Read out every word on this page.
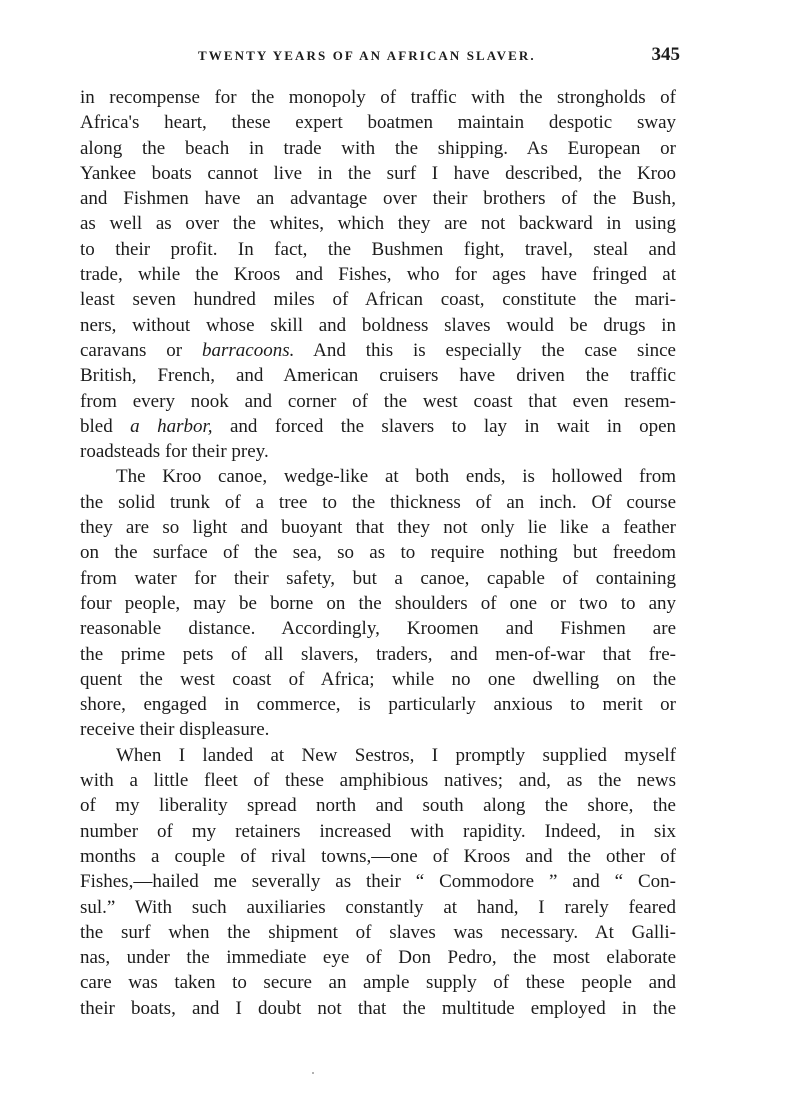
TWENTY YEARS OF AN AFRICAN SLAVER.	345
in recompense for the monopoly of traffic with the strongholds of
Africa's heart, these expert boatmen maintain despotic sway
along the beach in trade with the shipping. As European or
Yankee boats cannot live in the surf I have described, the Kroo
and Fishmen have an advantage over their brothers of the Bush,
as well as over the whites, which they are not backward in using
to their profit. In fact, the Bushmen fight, travel, steal and
trade, while the Kroos and Fishes, who for ages have fringed at
least seven hundred miles of African coast, constitute the mari-
ners, without whose skill and boldness slaves would be drugs in
caravans or barracoons. And this is especially the case since
British, French, and American cruisers have driven the traffic
from every nook and corner of the west coast that even resem-
bled a harbor, and forced the slavers to lay in wait in open
roadsteads for their prey.
The Kroo canoe, wedge-like at both ends, is hollowed from
the solid trunk of a tree to the thickness of an inch. Of course
they are so light and buoyant that they not only lie like a feather
on the surface of the sea, so as to require nothing but freedom
from water for their safety, but a canoe, capable of containing
four people, may be borne on the shoulders of one or two to any
reasonable distance. Accordingly, Kroomen and Fishmen are
the prime pets of all slavers, traders, and men-of-war that fre-
quent the west coast of Africa; while no one dwelling on the
shore, engaged in commerce, is particularly anxious to merit or
receive their displeasure.
When I landed at New Sestros, I promptly supplied myself
with a little fleet of these amphibious natives; and, as the news
of my liberality spread north and south along the shore, the
number of my retainers increased with rapidity. Indeed, in six
months a couple of rival towns,—one of Kroos and the other of
Fishes,—hailed me severally as their “ Commodore ” and “ Con-
sul.” With such auxiliaries constantly at hand, I rarely feared
the surf when the shipment of slaves was necessary. At Galli-
nas, under the immediate eye of Don Pedro, the most elaborate
care was taken to secure an ample supply of these people and
their boats, and I doubt not that the multitude employed in the
